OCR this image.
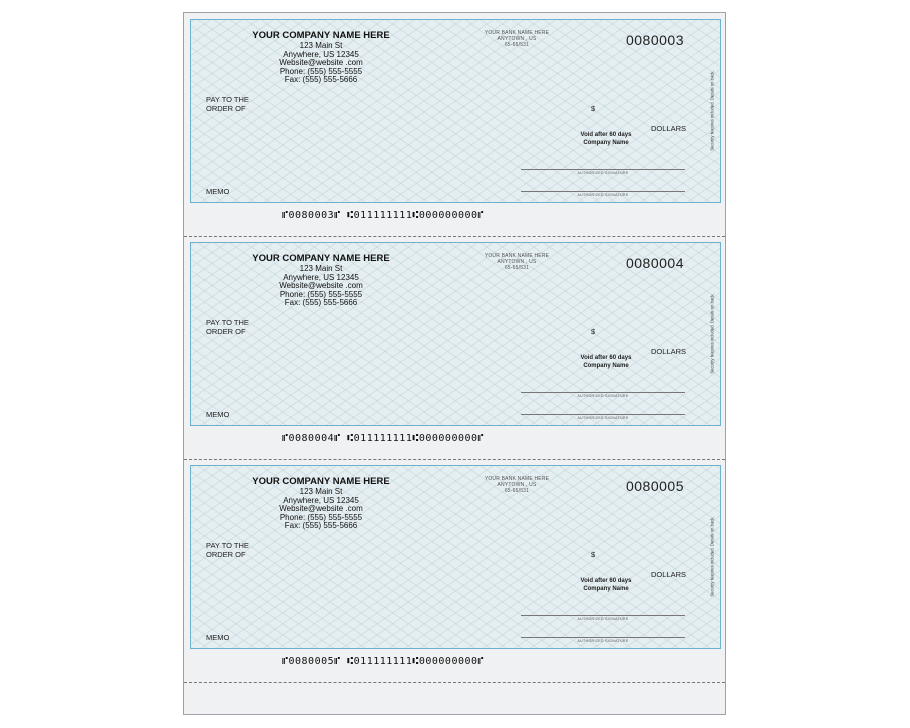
YOUR COMPANY NAME HERE
123 Main St
Anywhere, US 12345
Website@website .com
Phone: (555) 555-5555
Fax: (555) 555-5666
YOUR BANK NAME HERE
ANYTOWN , US
65-65/531	0080003
PAY TO THE
ORDER OF	$
DOLLARS
Void after 60 days
Company Name
AUTHORIZED SIGNATURE
AUTHORIZED SIGNATURE
MEMO
Security features included. Details on back.
⑈0080003⑈ ⑆011111111⑆000000000⑈
YOUR COMPANY NAME HERE
123 Main St
Anywhere, US 12345
Website@website .com
Phone: (555) 555-5555
Fax: (555) 555-5666
YOUR BANK NAME HERE
ANYTOWN , US
65-65/531	0080004
PAY TO THE
ORDER OF	$
DOLLARS
Void after 60 days
Company Name
AUTHORIZED SIGNATURE
AUTHORIZED SIGNATURE
MEMO
Security features included. Details on back.
⑈0080004⑈ ⑆011111111⑆000000000⑈
YOUR COMPANY NAME HERE
123 Main St
Anywhere, US 12345
Website@website .com
Phone: (555) 555-5555
Fax: (555) 555-5666
YOUR BANK NAME HERE
ANYTOWN , US
65-65/531	0080005
PAY TO THE
ORDER OF	$
DOLLARS
Void after 60 days
Company Name
AUTHORIZED SIGNATURE
AUTHORIZED SIGNATURE
MEMO
Security features included. Details on back.
⑈0080005⑈ ⑆011111111⑆000000000⑈
